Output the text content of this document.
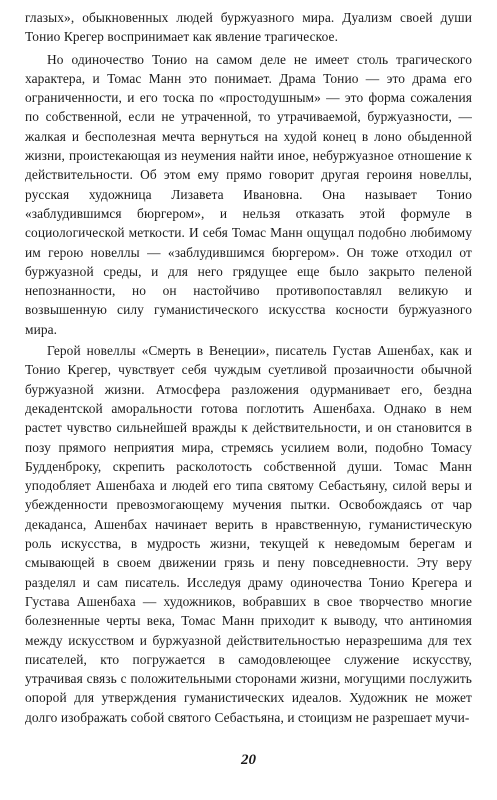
глазых», обыкновенных людей буржуазного мира. Дуализм своей души Тонио Крегер воспринимает как явление трагическое.

Но одиночество Тонио на самом деле не имеет столь трагического характера, и Томас Манн это понимает. Драма Тонио — это драма его ограниченности, и его тоска по «простодушным» — это форма сожаления по собственной, если не утраченной, то утрачиваемой, буржуазности, — жалкая и бесполезная мечта вернуться на худой конец в лоно обыденной жизни, проистекающая из неумения найти иное, небуржуазное отношение к действительности. Об этом ему прямо говорит другая героиня новеллы, русская художница Лизавета Ивановна. Она называет Тонио «заблудившимся бюргером», и нельзя отказать этой формуле в социологической меткости. И себя Томас Манн ощущал подобно любимому им герою новеллы — «заблудившимся бюргером». Он тоже отходил от буржуазной среды, и для него грядущее еще было закрыто пеленой непознанности, но он настойчиво противопоставлял великую и возвышенную силу гуманистического искусства косности буржуазного мира.

Герой новеллы «Смерть в Венеции», писатель Густав Ашенбах, как и Тонио Крегер, чувствует себя чуждым суетливой прозаичности обычной буржуазной жизни. Атмосфера разложения одурманивает его, бездна декадентской аморальности готова поглотить Ашенбаха. Однако в нем растет чувство сильнейшей вражды к действительности, и он становится в позу прямого неприятия мира, стремясь усилием воли, подобно Томасу Будденброку, скрепить расколотость собственной души. Томас Манн уподобляет Ашенбаха и людей его типа святому Себастьяну, силой веры и убежденности превозмогающему мучения пытки. Освобождаясь от чар декаданса, Ашенбах начинает верить в нравственную, гуманистическую роль искусства, в мудрость жизни, текущей к неведомым берегам и смывающей в своем движении грязь и пену повседневности. Эту веру разделял и сам писатель. Исследуя драму одиночества Тонио Крегера и Густава Ашенбаха — художников, вобравших в свое творчество многие болезненные черты века, Томас Манн приходит к выводу, что антиномия между искусством и буржуазной действительностью неразрешима для тех писателей, кто погружается в самодовлеющее служение искусству, утрачивая связь с положительными сторонами жизни, могущими послужить опорой для утверждения гуманистических идеалов. Художник не может долго изображать собой святого Себастьяна, и стоицизм не разрешает мучи-

20
